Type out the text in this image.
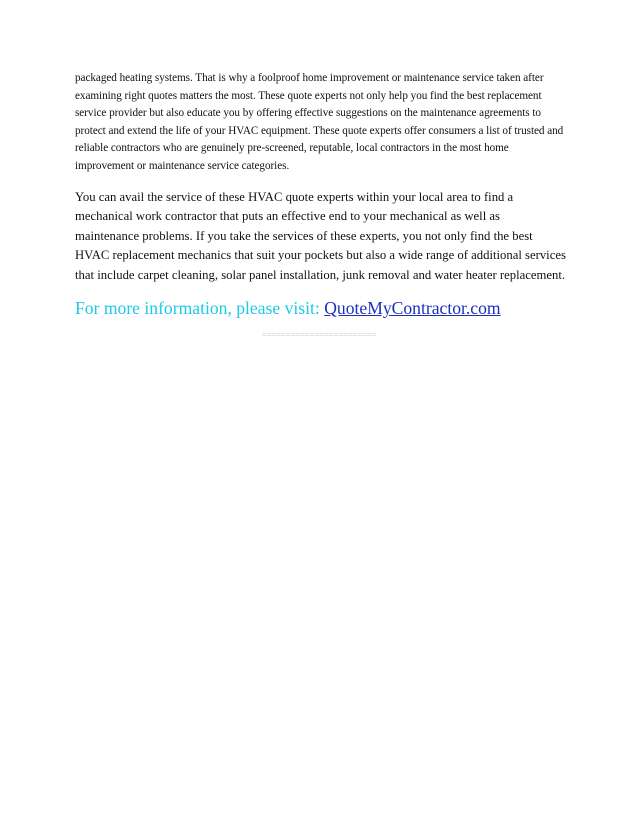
packaged heating systems. That is why a foolproof home improvement or maintenance service taken after examining right quotes matters the most. These quote experts not only help you find the best replacement service provider but also educate you by offering effective suggestions on the maintenance agreements to protect and extend the life of your HVAC equipment. These quote experts offer consumers a list of trusted and reliable contractors who are genuinely pre-screened, reputable, local contractors in the most home improvement or maintenance service categories.

You can avail the service of these HVAC quote experts within your local area to find a mechanical work contractor that puts an effective end to your mechanical as well as maintenance problems. If you take the services of these experts, you not only find the best HVAC replacement mechanics that suit your pockets but also a wide range of additional services that include carpet cleaning, solar panel installation, junk removal and water heater replacement.

For more information, please visit: QuoteMyContractor.com

========================
